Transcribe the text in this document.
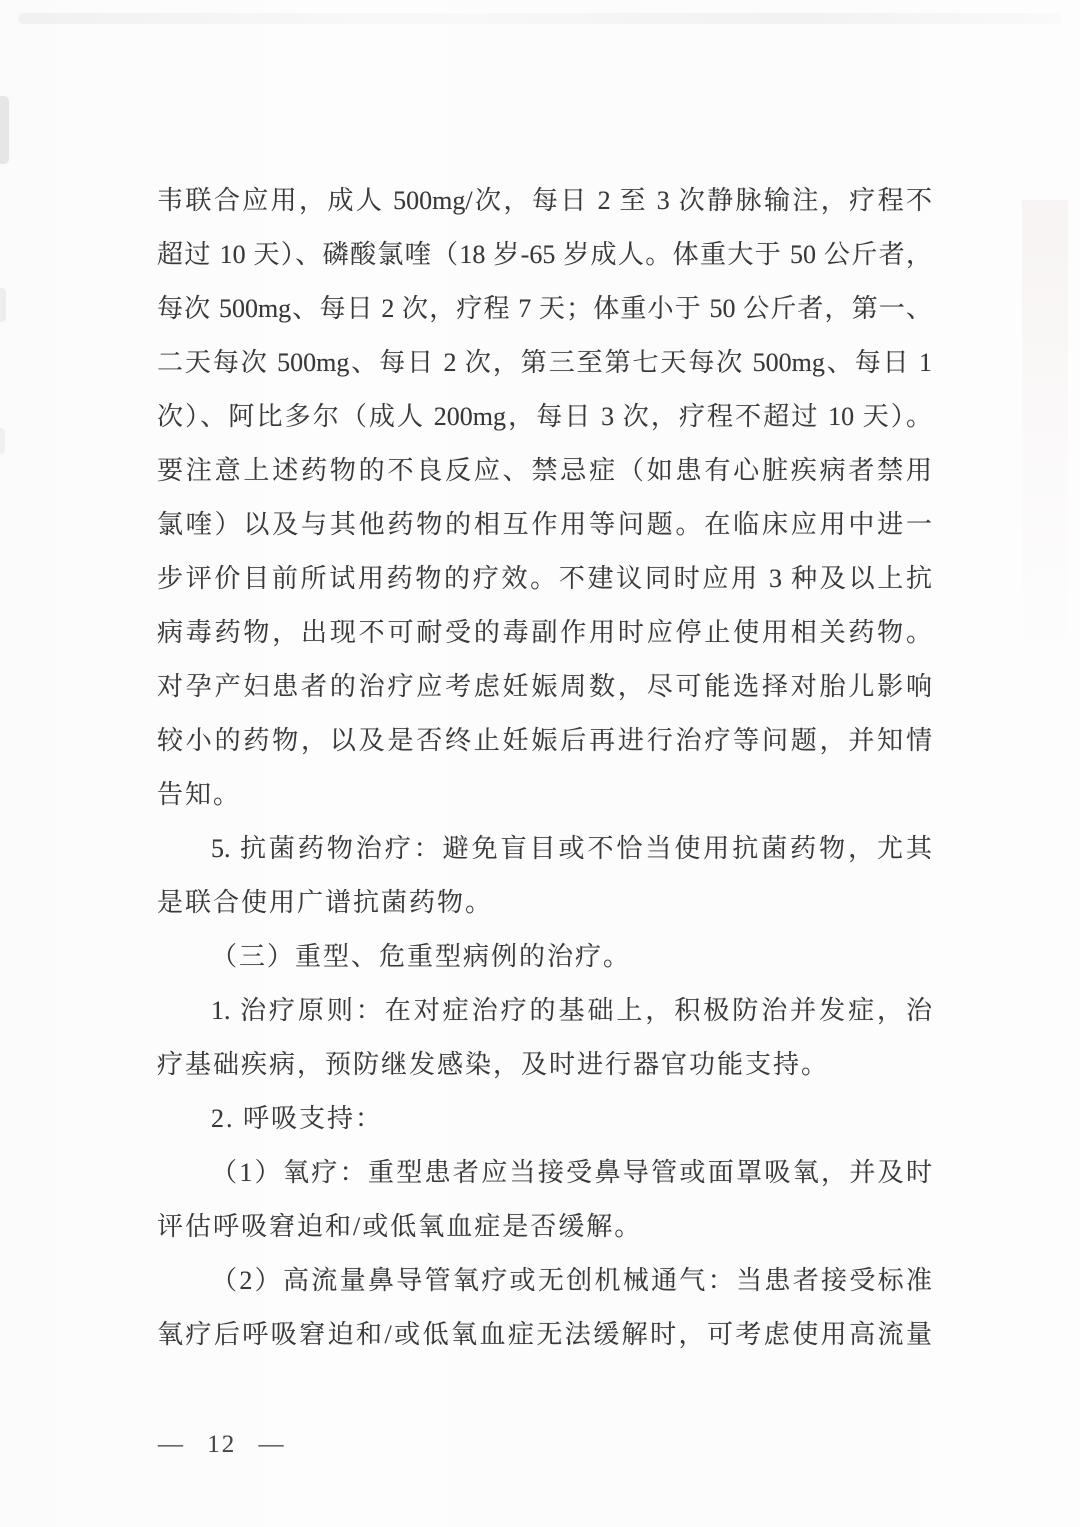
韦联合应用，成人 500mg/次，每日 2 至 3 次静脉输注，疗程不
超过 10 天）、磷酸氯喹（18 岁-65 岁成人。体重大于 50 公斤者，
每次 500mg、每日 2 次，疗程 7 天；体重小于 50 公斤者，第一、
二天每次 500mg、每日 2 次，第三至第七天每次 500mg、每日 1
次）、阿比多尔（成人 200mg，每日 3 次，疗程不超过 10 天）。
要注意上述药物的不良反应、禁忌症（如患有心脏疾病者禁用
氯喹）以及与其他药物的相互作用等问题。在临床应用中进一
步评价目前所试用药物的疗效。不建议同时应用 3 种及以上抗
病毒药物，出现不可耐受的毒副作用时应停止使用相关药物。
对孕产妇患者的治疗应考虑妊娠周数，尽可能选择对胎儿影响
较小的药物，以及是否终止妊娠后再进行治疗等问题，并知情
告知。
5. 抗菌药物治疗：避免盲目或不恰当使用抗菌药物，尤其
是联合使用广谱抗菌药物。
（三）重型、危重型病例的治疗。
1. 治疗原则：在对症治疗的基础上，积极防治并发症，治
疗基础疾病，预防继发感染，及时进行器官功能支持。
2. 呼吸支持：
（1）氧疗：重型患者应当接受鼻导管或面罩吸氧，并及时
评估呼吸窘迫和/或低氧血症是否缓解。
（2）高流量鼻导管氧疗或无创机械通气：当患者接受标准
氧疗后呼吸窘迫和/或低氧血症无法缓解时，可考虑使用高流量
— 12 —
